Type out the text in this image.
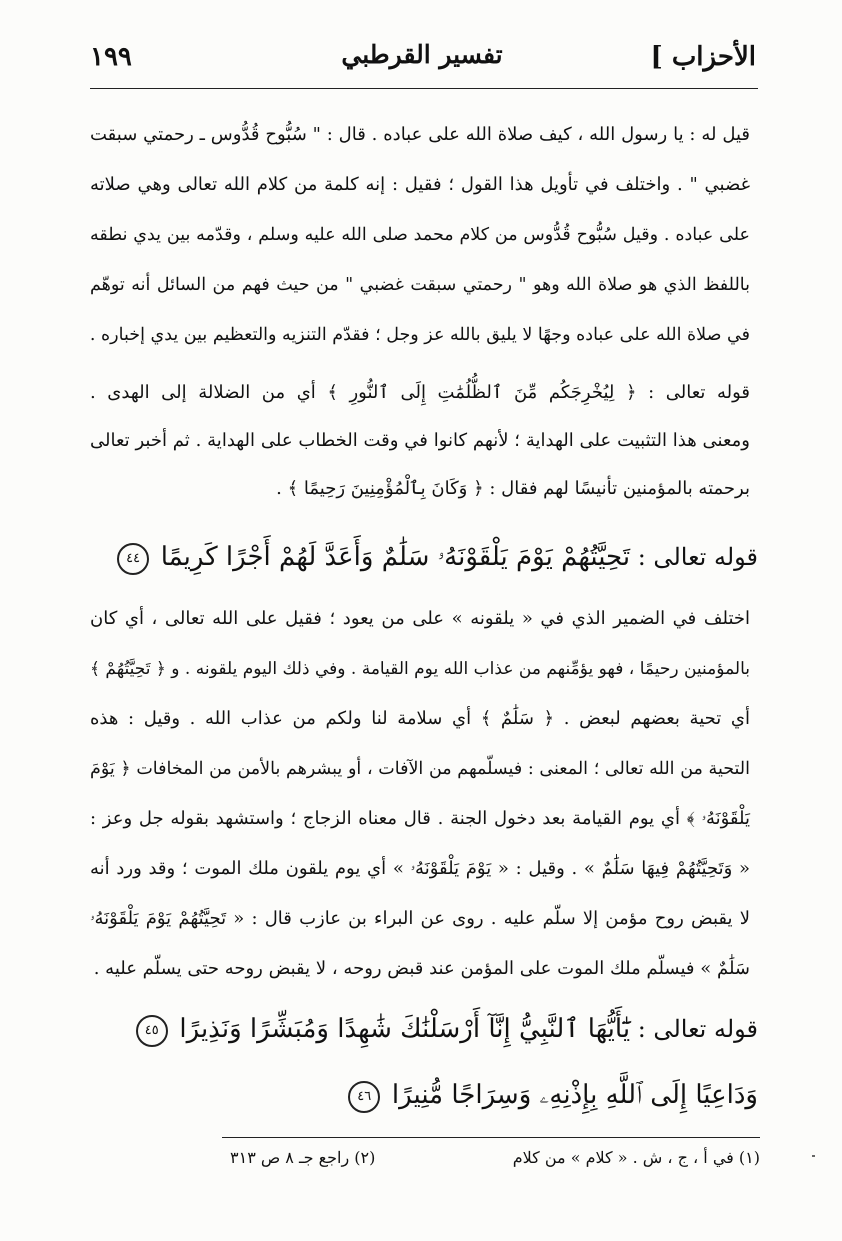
الأحزاب ]
تفسير القرطبي
١٩٩
قيل له : يا رسول الله ، كيف صلاة الله على عباده . قال : " سُبُّوح قُدُّوس ـ رحمتي سبقت
غضبي " . واختلف في تأويل هذا القول ؛ فقيل : إنه كلمة من كلام الله تعالى وهي صلاته
على عباده . وقيل سُبُّوح قُدُّوس من كلام محمد صلى الله عليه وسلم ، وقدّمه بين يدي نطقه
باللفظ الذي هو صلاة الله وهو " رحمتي سبقت غضبي " من حيث فهم من السائل أنه توهّم
في صلاة الله على عباده وجهًا لا يليق بالله عز وجل ؛ فقدّم التنزيه والتعظيم بين يدي إخباره .
قوله تعالى : ﴿ لِيُخْرِجَكُم مِّنَ ٱلظُّلُمَٰتِ إِلَى ٱلنُّورِ ﴾ أي من الضلالة إلى الهدى .
ومعنى هذا التثبيت على الهداية ؛ لأنهم كانوا في وقت الخطاب على الهداية . ثم أخبر تعالى
برحمته بالمؤمنين تأنيسًا لهم فقال : ﴿ وَكَانَ بِٱلْمُؤْمِنِينَ رَحِيمًا ﴾ .
قوله تعالى : تَحِيَّتُهُمْ يَوْمَ يَلْقَوْنَهُۥ سَلَٰمٌ وَأَعَدَّ لَهُمْ أَجْرًا كَرِيمًا ٤٤
اختلف في الضمير الذي في « يلقونه » على من يعود ؛ فقيل على الله تعالى ، أي كان
بالمؤمنين رحيمًا ، فهو يؤمِّنهم من عذاب الله يوم القيامة . وفي ذلك اليوم يلقونه . و ﴿ تَحِيَّتُهُمْ ﴾
أي تحية بعضهم لبعض . ﴿ سَلَٰمٌ ﴾ أي سلامة لنا ولكم من عذاب الله . وقيل : هذه
التحية من الله تعالى ؛ المعنى : فيسلّمهم من الآفات ، أو يبشرهم بالأمن من المخافات ﴿ يَوْمَ
يَلْقَوْنَهُۥ ﴾ أي يوم القيامة بعد دخول الجنة . قال معناه الزجاج ؛ واستشهد بقوله جل وعز :
« وَتَحِيَّتُهُمْ فِيهَا سَلَٰمٌ » . وقيل : « يَوْمَ يَلْقَوْنَهُۥ » أي يوم يلقون ملك الموت ؛ وقد ورد أنه
لا يقبض روح مؤمن إلا سلّم عليه . روى عن البراء بن عازب قال : « تَحِيَّتُهُمْ يَوْمَ يَلْقَوْنَهُۥ
سَلَٰمٌ » فيسلّم ملك الموت على المؤمن عند قبض روحه ، لا يقبض روحه حتى يسلّم عليه .
قوله تعالى : يَٰٓأَيُّهَا ٱلنَّبِيُّ إِنَّآ أَرْسَلْنَٰكَ شَٰهِدًا وَمُبَشِّرًا وَنَذِيرًا ٤٥
وَدَاعِيًا إِلَى ٱللَّهِ بِإِذْنِهِۦ وَسِرَاجًا مُّنِيرًا ٤٦
(١) في أ ، ج ، ش . « كلام » من كلام
(٢) راجع جـ ٨ ص ٣١٣
